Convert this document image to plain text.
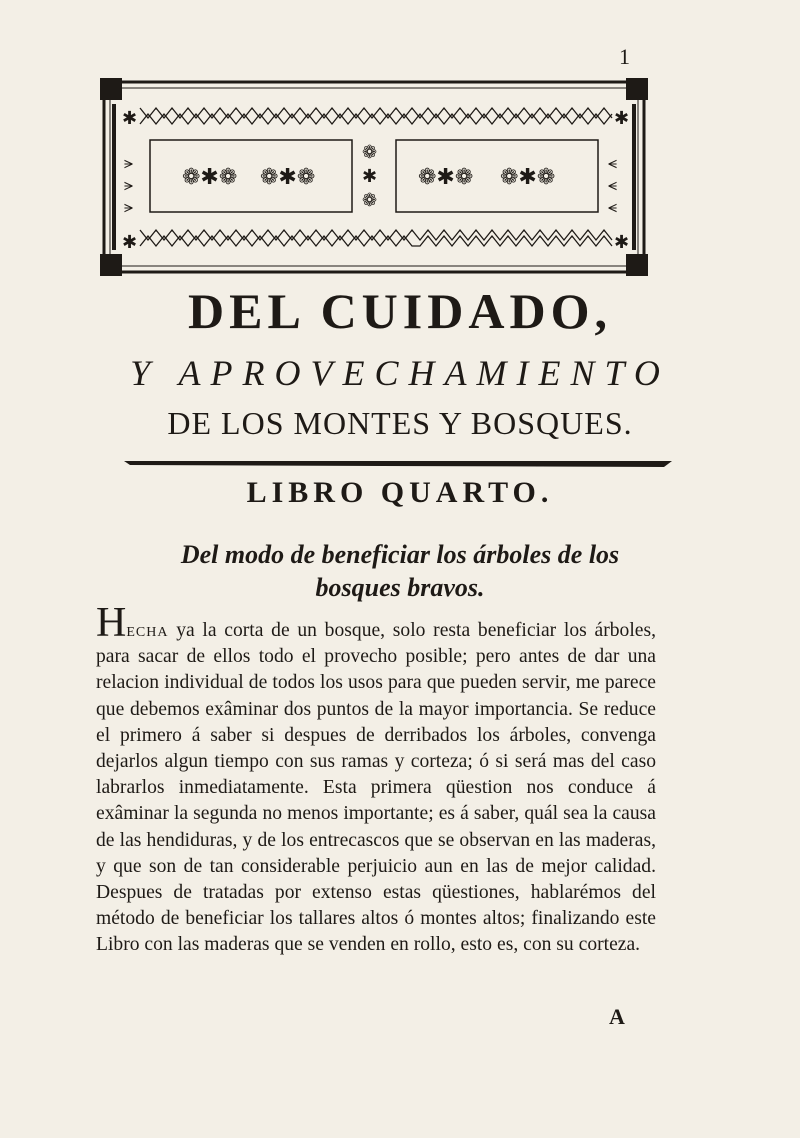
1
✱	✱
✱	✱
⪫
⪫
⪫
⪪
⪪
⪪
❁✱❁ ❁✱❁	❁✱❁ ❁✱❁
❁
✱
❁
DEL CUIDADO,
Y APROVECHAMIENTO
DE LOS MONTES Y BOSQUES.
LIBRO QUARTO.
Del modo de beneficiar los árboles de los bosques bravos.
Hecha ya la corta de un bosque, solo resta beneficiar los árboles, para sacar de ellos todo el provecho posible; pero antes de dar una relacion individual de todos los usos para que pueden servir, me parece que debemos exâminar dos puntos de la mayor importancia. Se reduce el primero á saber si despues de derribados los árboles, convenga dejarlos algun tiempo con sus ramas y corteza; ó si será mas del caso labrarlos inmediatamente. Esta primera qüestion nos conduce á exâminar la segunda no menos importante; es á saber, quál sea la causa de las hendiduras, y de los entrecascos que se observan en las maderas, y que son de tan considerable perjuicio aun en las de mejor calidad. Despues de tratadas por extenso estas qüestiones, hablarémos del método de beneficiar los tallares altos ó montes altos; finalizando este Libro con las maderas que se venden en rollo, esto es, con su corteza.
A
